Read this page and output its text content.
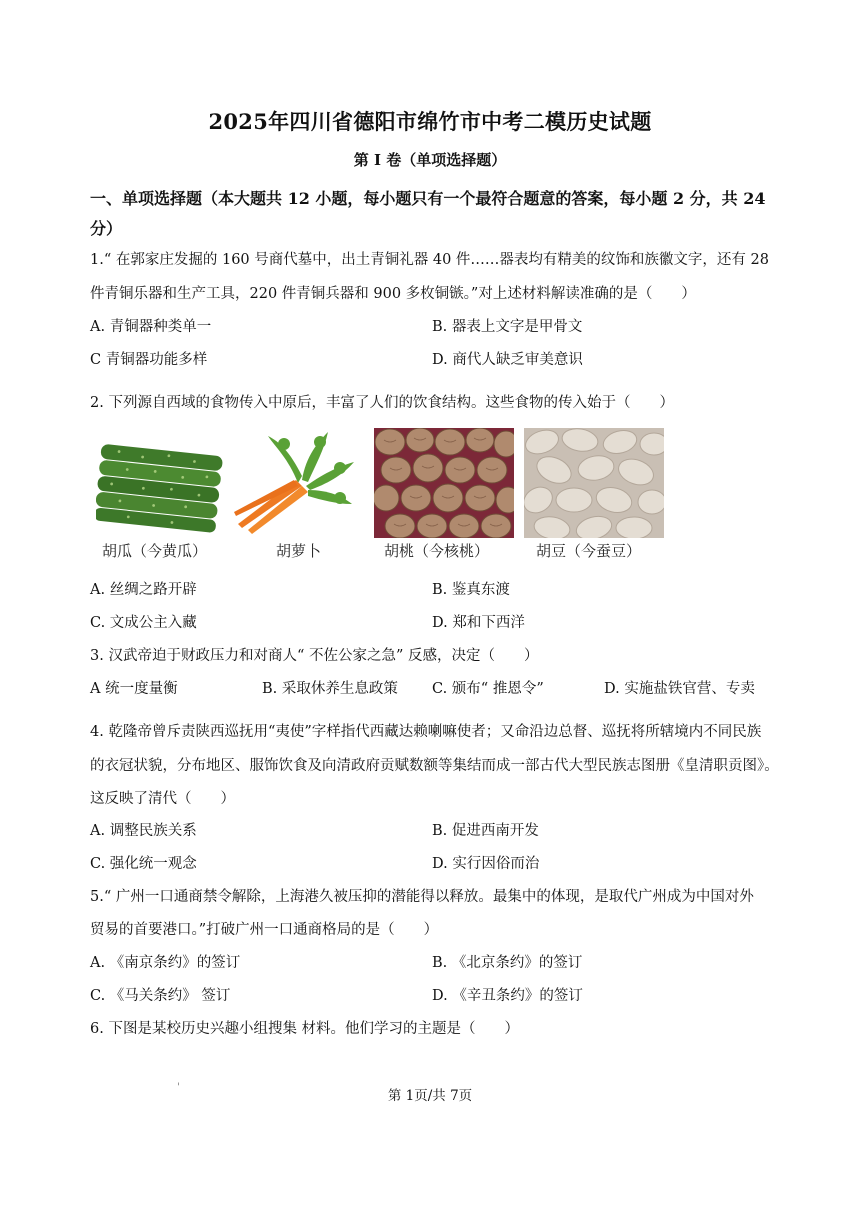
2025年四川省德阳市绵竹市中考二模历史试题
第 I 卷（单项选择题）
一、单项选择题（本大题共 12 小题，每小题只有一个最符合题意的答案，每小题 2 分，共 24 分）
1.“ 在郭家庄发掘的 160 号商代墓中，出土青铜礼器 40 件……器表均有精美的纹饰和族徽文字，还有 28
件青铜乐器和生产工具，220 件青铜兵器和 900 多枚铜镞。”对上述材料解读准确的是（　　）
A. 青铜器种类单一	B. 器表上文字是甲骨文
C 青铜器功能多样	D. 商代人缺乏审美意识
2. 下列源自西域的食物传入中原后，丰富了人们的饮食结构。这些食物的传入始于（　　）
胡瓜（今黄瓜）	胡萝卜	胡桃（今核桃）	胡豆（今蚕豆）
A. 丝绸之路开辟	B. 鉴真东渡
C. 文成公主入藏	D. 郑和下西洋
3. 汉武帝迫于财政压力和对商人“ 不佐公家之急” 反感，决定（　　）
A 统一度量衡	B. 采取休养生息政策 C. 颁布“ 推恩令”	D. 实施盐铁官营、专卖
4. 乾隆帝曾斥责陕西巡抚用“夷使”字样指代西藏达赖喇嘛使者；又命沿边总督、巡抚将所辖境内不同民族
的衣冠状貌，分布地区、服饰饮食及向清政府贡赋数额等集结而成一部古代大型民族志图册《皇清职贡图》。
这反映了清代（　　）
A. 调整民族关系	B. 促进西南开发
C. 强化统一观念	D. 实行因俗而治
5.“ 广州一口通商禁令解除，上海港久被压抑的潜能得以释放。最集中的体现，是取代广州成为中国对外
贸易的首要港口。”打破广州一口通商格局的是（　　）
A. 《南京条约》的签订	B. 《北京条约》的签订
C. 《马关条约》 签订	D. 《辛丑条约》的签订
6. 下图是某校历史兴趣小组搜集 材料。他们学习的主题是（　　）
'
第 1页/共 7页
